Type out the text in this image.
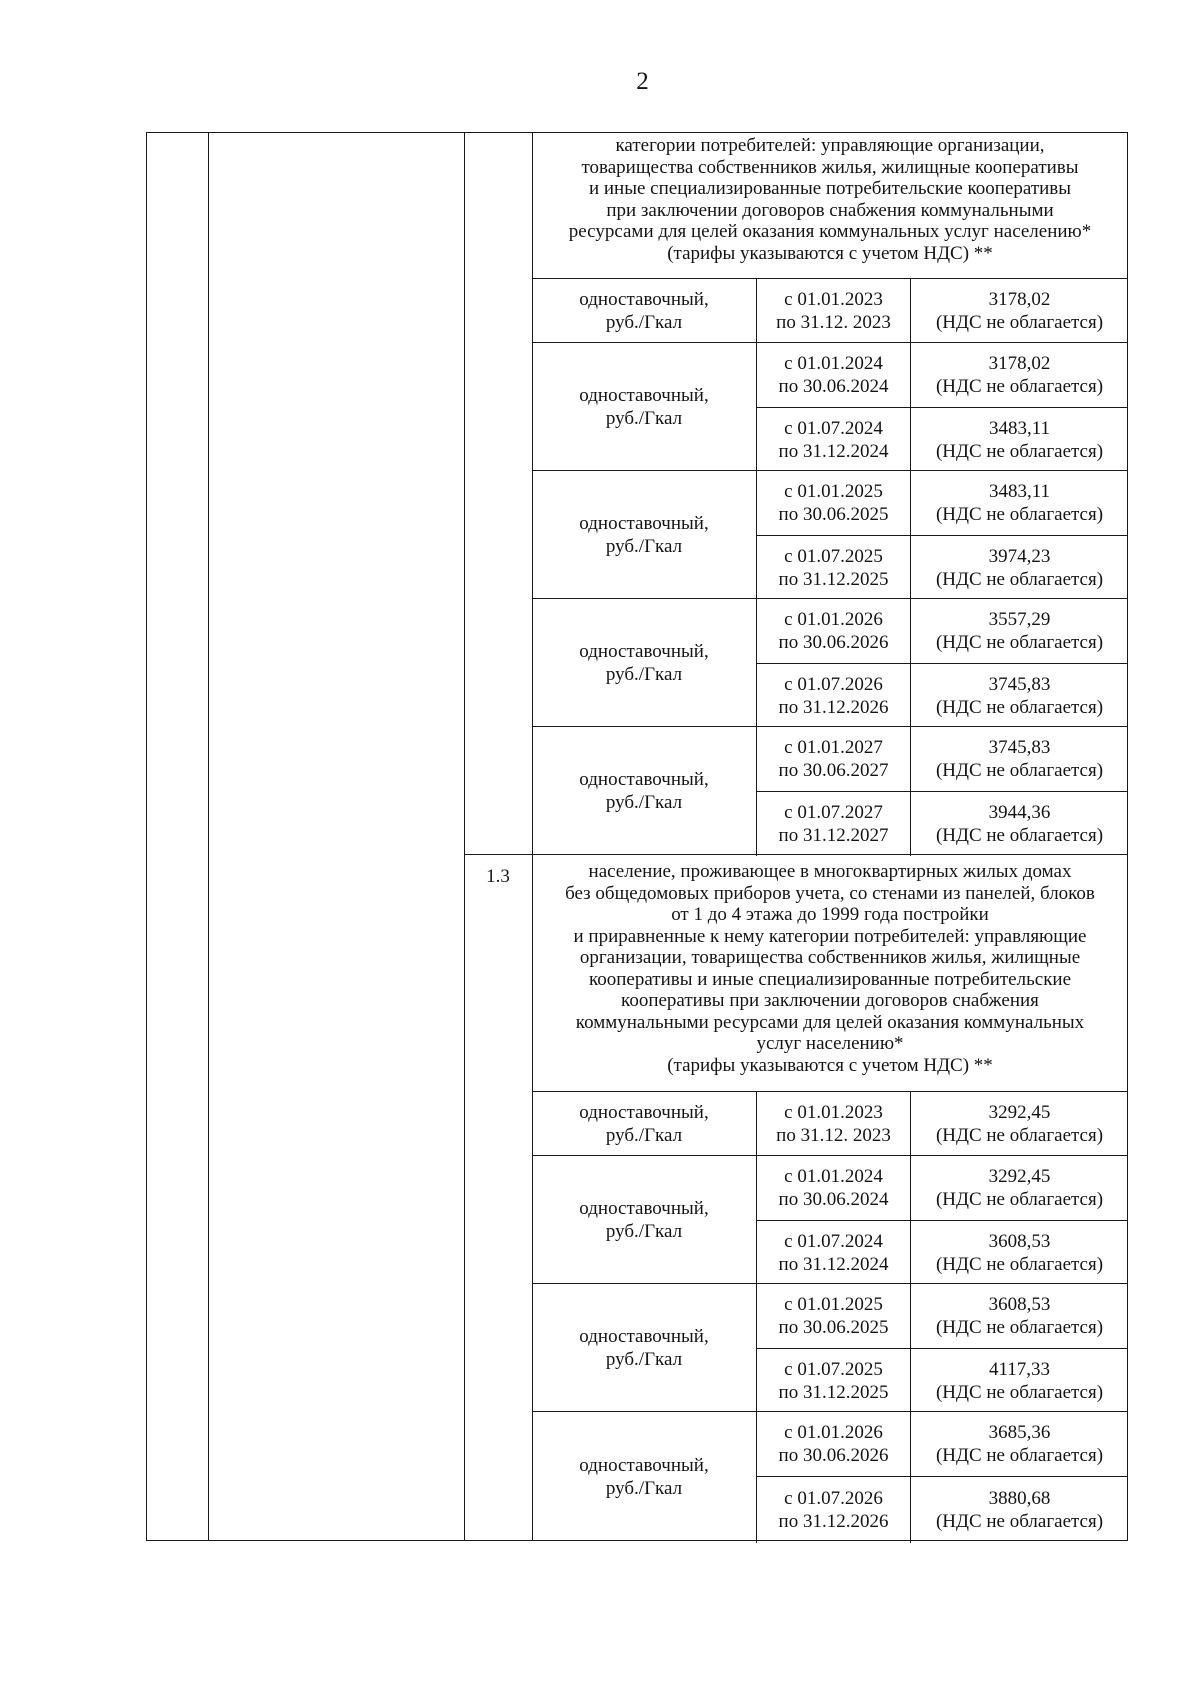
2
категории потребителей: управляющие организации,
товарищества собственников жилья, жилищные кооперативы
и иные специализированные потребительские кооперативы
при заключении договоров снабжения коммунальными
ресурсами для целей оказания коммунальных услуг населению*
(тарифы указываются с учетом НДС) **
одноставочный,
руб./Гкал
с 01.01.2023
по 31.12. 2023
3178,02
(НДС не облагается)
одноставочный,
руб./Гкал
с 01.01.2024
по 30.06.2024
3178,02
(НДС не облагается)
с 01.07.2024
по 31.12.2024
3483,11
(НДС не облагается)
одноставочный,
руб./Гкал
с 01.01.2025
по 30.06.2025
3483,11
(НДС не облагается)
с 01.07.2025
по 31.12.2025
3974,23
(НДС не облагается)
одноставочный,
руб./Гкал
с 01.01.2026
по 30.06.2026
3557,29
(НДС не облагается)
с 01.07.2026
по 31.12.2026
3745,83
(НДС не облагается)
одноставочный,
руб./Гкал
с 01.01.2027
по 30.06.2027
3745,83
(НДС не облагается)
с 01.07.2027
по 31.12.2027
3944,36
(НДС не облагается)
1.3	население, проживающее в многоквартирных жилых домах
без общедомовых приборов учета, со стенами из панелей, блоков
от 1 до 4 этажа до 1999 года постройки
и приравненные к нему категории потребителей: управляющие
организации, товарищества собственников жилья, жилищные
кооперативы и иные специализированные потребительские
кооперативы при заключении договоров снабжения
коммунальными ресурсами для целей оказания коммунальных
услуг населению*
(тарифы указываются с учетом НДС) **
одноставочный,
руб./Гкал
с 01.01.2023
по 31.12. 2023
3292,45
(НДС не облагается)
одноставочный,
руб./Гкал
с 01.01.2024
по 30.06.2024
3292,45
(НДС не облагается)
с 01.07.2024
по 31.12.2024
3608,53
(НДС не облагается)
одноставочный,
руб./Гкал
с 01.01.2025
по 30.06.2025
3608,53
(НДС не облагается)
с 01.07.2025
по 31.12.2025
4117,33
(НДС не облагается)
одноставочный,
руб./Гкал
с 01.01.2026
по 30.06.2026
3685,36
(НДС не облагается)
с 01.07.2026
по 31.12.2026
3880,68
(НДС не облагается)
